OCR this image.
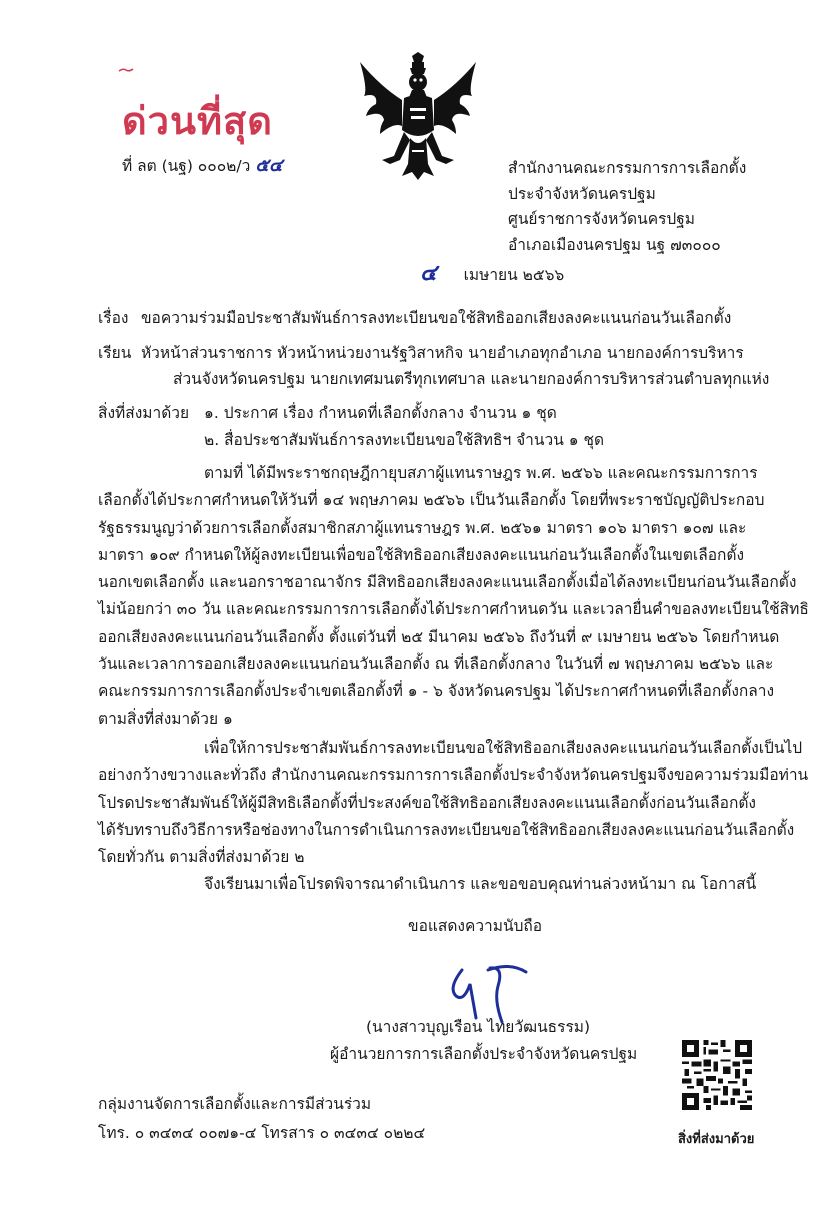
ด่วนที่สุด
ที่ ลต (นฐ) ๐๐๐๒/ว ๕๔	สำนักงานคณะกรรมการการเลือกตั้ง
ประจำจังหวัดนครปฐม
ศูนย์ราชการจังหวัดนครปฐม
อำเภอเมืองนครปฐม นฐ ๗๓๐๐๐
๔ เมษายน ๒๕๖๖
เรื่อง ขอความร่วมมือประชาสัมพันธ์การลงทะเบียนขอใช้สิทธิออกเสียงลงคะแนนก่อนวันเลือกตั้ง
เรียน หัวหน้าส่วนราชการ หัวหน้าหน่วยงานรัฐวิสาหกิจ นายอำเภอทุกอำเภอ นายกองค์การบริหาร
ส่วนจังหวัดนครปฐม นายกเทศมนตรีทุกเทศบาล และนายกองค์การบริหารส่วนตำบลทุกแห่ง
สิ่งที่ส่งมาด้วย ๑. ประกาศ เรื่อง กำหนดที่เลือกตั้งกลาง จำนวน ๑ ชุด
๒. สื่อประชาสัมพันธ์การลงทะเบียนขอใช้สิทธิฯ จำนวน ๑ ชุด

ตามที่ ได้มีพระราชกฤษฎีกายุบสภาผู้แทนราษฎร พ.ศ. ๒๕๖๖ และคณะกรรมการการ

เลือกตั้งได้ประกาศกำหนดให้วันที่ ๑๔ พฤษภาคม ๒๕๖๖ เป็นวันเลือกตั้ง โดยที่พระราชบัญญัติประกอบ

รัฐธรรมนูญว่าด้วยการเลือกตั้งสมาชิกสภาผู้แทนราษฎร พ.ศ. ๒๕๖๑ มาตรา ๑๐๖ มาตรา ๑๐๗ และ

มาตรา ๑๐๙ กำหนดให้ผู้ลงทะเบียนเพื่อขอใช้สิทธิออกเสียงลงคะแนนก่อนวันเลือกตั้งในเขตเลือกตั้ง

นอกเขตเลือกตั้ง และนอกราชอาณาจักร มีสิทธิออกเสียงลงคะแนนเลือกตั้งเมื่อได้ลงทะเบียนก่อนวันเลือกตั้ง

ไม่น้อยกว่า ๓๐ วัน และคณะกรรมการการเลือกตั้งได้ประกาศกำหนดวัน และเวลายื่นคำขอลงทะเบียนใช้สิทธิ

ออกเสียงลงคะแนนก่อนวันเลือกตั้ง ตั้งแต่วันที่ ๒๕ มีนาคม ๒๕๖๖ ถึงวันที่ ๙ เมษายน ๒๕๖๖ โดยกำหนด

วันและเวลาการออกเสียงลงคะแนนก่อนวันเลือกตั้ง ณ ที่เลือกตั้งกลาง ในวันที่ ๗ พฤษภาคม ๒๕๖๖ และ

คณะกรรมการการเลือกตั้งประจำเขตเลือกตั้งที่ ๑ - ๖ จังหวัดนครปฐม ได้ประกาศกำหนดที่เลือกตั้งกลาง

ตามสิ่งที่ส่งมาด้วย ๑

เพื่อให้การประชาสัมพันธ์การลงทะเบียนขอใช้สิทธิออกเสียงลงคะแนนก่อนวันเลือกตั้งเป็นไป

อย่างกว้างขวางและทั่วถึง สำนักงานคณะกรรมการการเลือกตั้งประจำจังหวัดนครปฐมจึงขอความร่วมมือท่าน

โปรดประชาสัมพันธ์ให้ผู้มีสิทธิเลือกตั้งที่ประสงค์ขอใช้สิทธิออกเสียงลงคะแนนเลือกตั้งก่อนวันเลือกตั้ง

ได้รับทราบถึงวิธีการหรือช่องทางในการดำเนินการลงทะเบียนขอใช้สิทธิออกเสียงลงคะแนนก่อนวันเลือกตั้ง

โดยทั่วกัน ตามสิ่งที่ส่งมาด้วย ๒

จึงเรียนมาเพื่อโปรดพิจารณาดำเนินการ และขอขอบคุณท่านล่วงหน้ามา ณ โอกาสนี้
ขอแสดงความนับถือ
(นางสาวบุญเรือน ไทยวัฒนธรรม)
ผู้อำนวยการการเลือกตั้งประจำจังหวัดนครปฐม
สิ่งที่ส่งมาด้วย
กลุ่มงานจัดการเลือกตั้งและการมีส่วนร่วม
โทร. ๐ ๓๔๓๔ ๐๐๗๑-๔ โทรสาร ๐ ๓๔๓๔ ๐๒๒๔
